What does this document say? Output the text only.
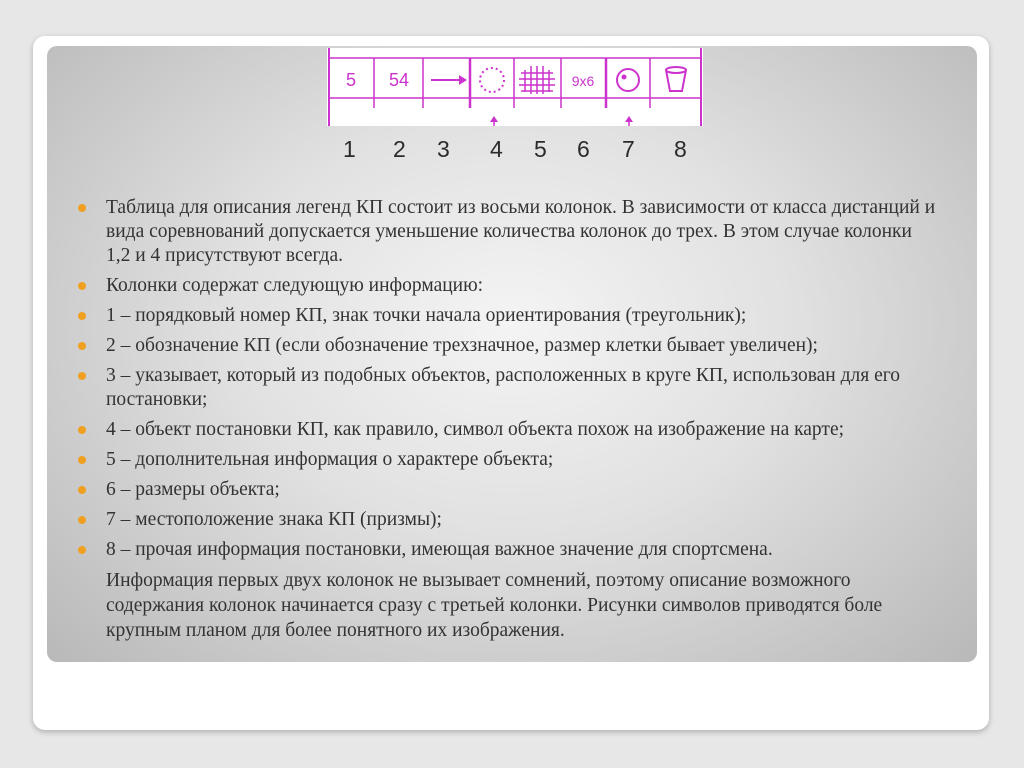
5 54	9x6
1 2 3 4 5 6 7 8
Таблица для описания легенд КП состоит из восьми колонок. В зависимости от класса дистанций и вида соревнований допускается уменьшение количества колонок до трех. В этом случае колонки 1,2 и 4 присутствуют всегда.
Колонки содержат следующую информацию:
1 – порядковый номер КП, знак точки начала ориентирования (треугольник);
2 – обозначение КП (если обозначение трехзначное, размер клетки бывает увеличен);
3 – указывает, который из подобных объектов, расположенных в круге КП, использован для его постановки;
4 – объект постановки КП, как правило, символ объекта похож на изображение на карте;
5 – дополнительная информация о характере объекта;
6 – размеры объекта;
7 – местоположение знака КП (призмы);
8 – прочая информация постановки, имеющая важное значение для спортсмена.
Информация первых двух колонок не вызывает сомнений, поэтому описание возможного содержания колонок начинается сразу с третьей колонки. Рисунки символов приводятся боле крупным планом для более понятного их изображения.
